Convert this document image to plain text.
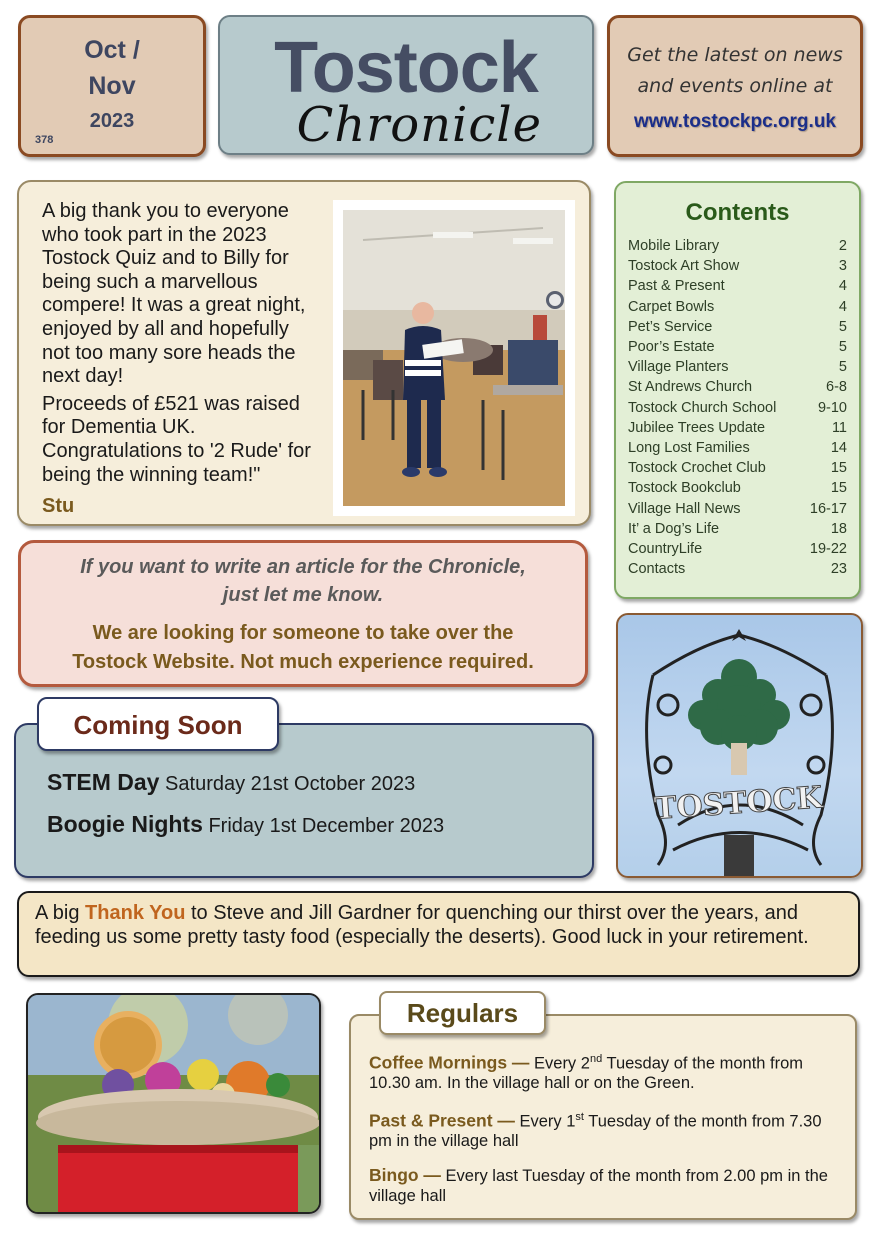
Oct /
Nov
2023
378
Tostock
Chronicle
Get the latest on news
and events online at
www.tostockpc.org.uk

A big thank you to everyone who took part in the 2023 Tostock Quiz and to Billy for being such a marvellous compere! It was a great night, enjoyed by all and hopefully not too many sore heads the next day!

Proceeds of £521 was raised for Dementia UK. Congratulations to '2 Rude' for being the winning team!"

Stu
Contents
Mobile Library	2
Tostock Art Show	3
Past & Present	4
Carpet Bowls	4
Pet’s Service	5
Poor’s Estate	5
Village Planters	5
St Andrews Church	6-8
Tostock Church School	9-10
Jubilee Trees Update	11
Long Lost Families	14
Tostock Crochet Club	15
Tostock Bookclub	15
Village Hall News	16-17
It’ a Dog’s Life	18
CountryLife	19-22
Contacts	23
If you want to write an article for the Chronicle,
just let me know.
We are looking for someone to take over the
Tostock Website. Not much experience required.
STEM Day Saturday 21st October 2023
Boogie Nights Friday 1st December 2023
Coming Soon
TOSTOCK

A big Thank You to Steve and Jill Gardner for quenching our thirst over the years, and feeding us some pretty tasty food (especially the deserts). Good luck in your retirement.

Coffee Mornings — Every 2nd Tuesday of the month from 10.30 am. In the village hall or on the Green.
Past & Present — Every 1st Tuesday of the month from 7.30 pm in the village hall
Bingo — Every last Tuesday of the month from 2.00 pm in the village hall
Regulars
